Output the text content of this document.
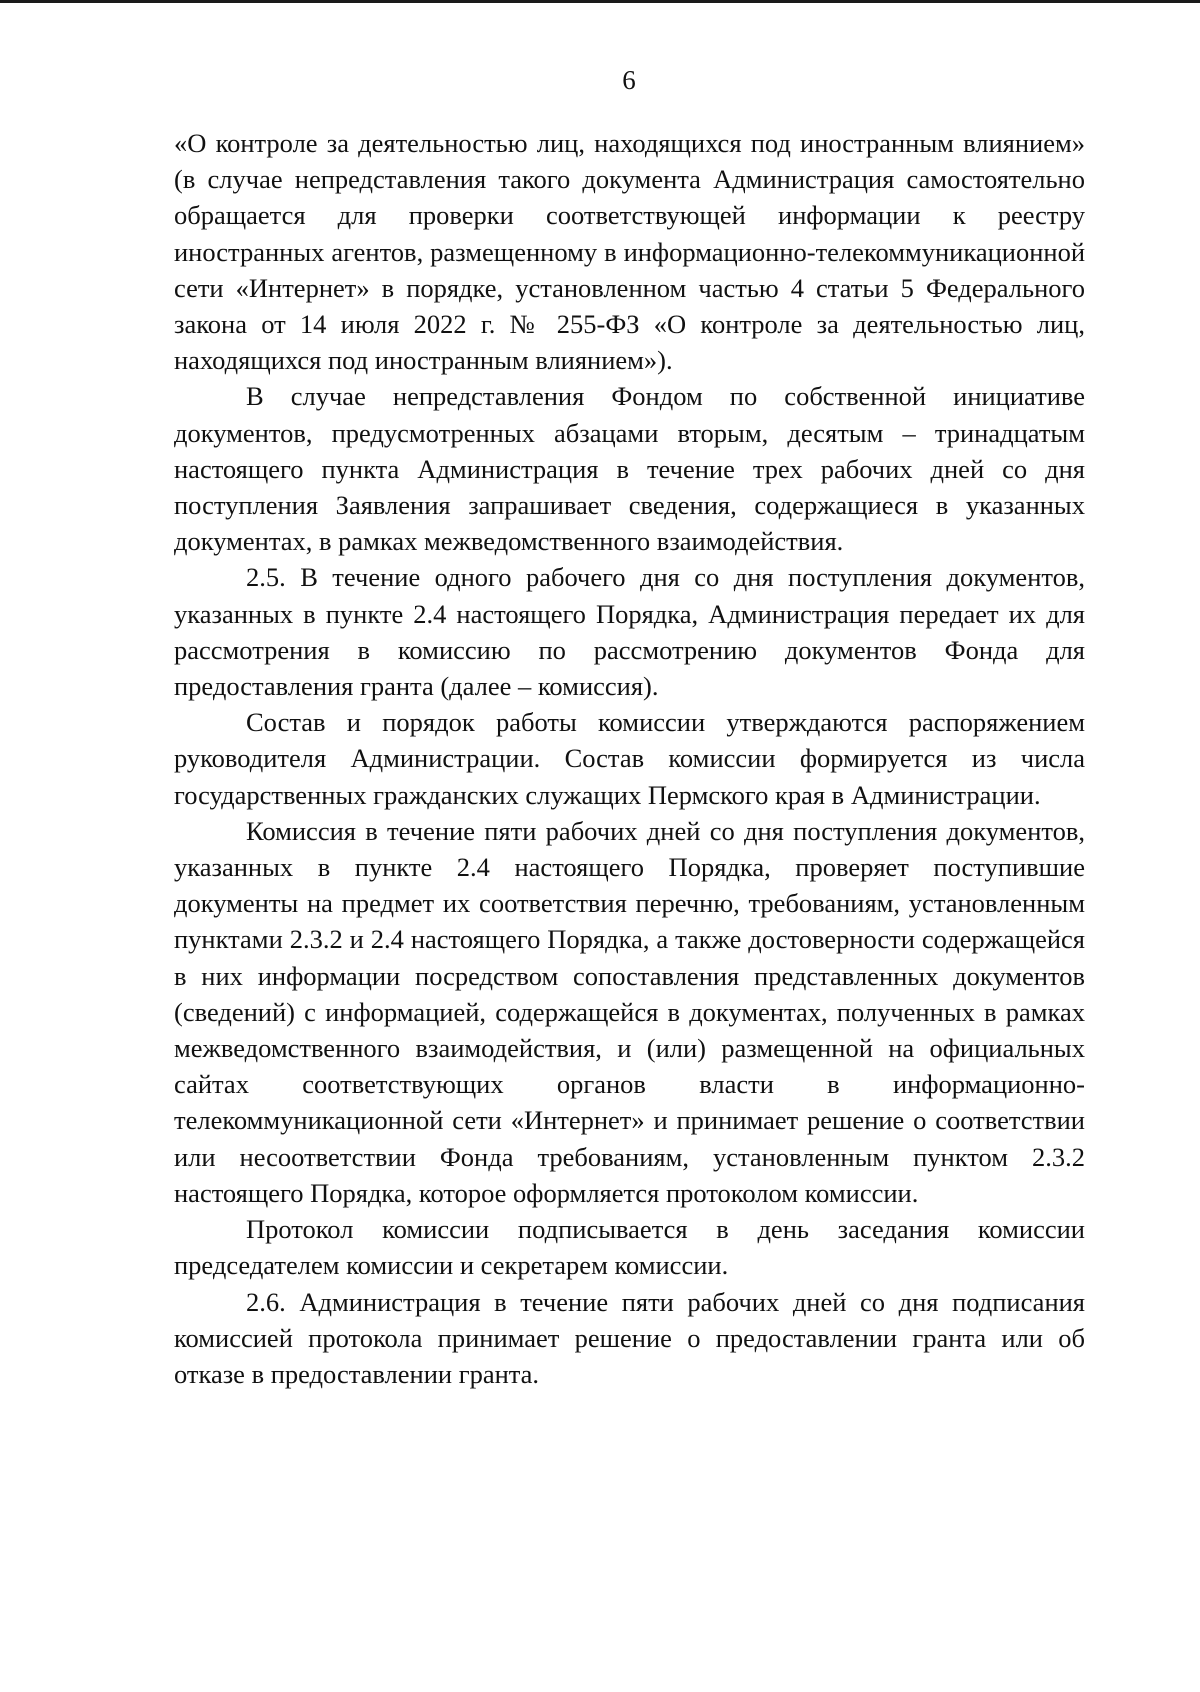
6

«О контроле за деятельностью лиц, находящихся под иностранным влиянием» (в случае непредставления такого документа Администрация самостоятельно обращается для проверки соответствующей информации к реестру иностранных агентов, размещенному в информационно-телекоммуникационной сети «Интернет» в порядке, установленном частью 4 статьи 5 Федерального закона от 14 июля 2022 г. № 255-ФЗ «О контроле за деятельностью лиц, находящихся под иностранным влиянием»).

В случае непредставления Фондом по собственной инициативе документов, предусмотренных абзацами вторым, десятым – тринадцатым настоящего пункта Администрация в течение трех рабочих дней со дня поступления Заявления запрашивает сведения, содержащиеся в указанных документах, в рамках межведомственного взаимодействия.

2.5. В течение одного рабочего дня со дня поступления документов, указанных в пункте 2.4 настоящего Порядка, Администрация передает их для рассмотрения в комиссию по рассмотрению документов Фонда для предоставления гранта (далее – комиссия).

Состав и порядок работы комиссии утверждаются распоряжением руководителя Администрации. Состав комиссии формируется из числа государственных гражданских служащих Пермского края в Администрации.

Комиссия в течение пяти рабочих дней со дня поступления документов, указанных в пункте 2.4 настоящего Порядка, проверяет поступившие документы на предмет их соответствия перечню, требованиям, установленным пунктами 2.3.2 и 2.4 настоящего Порядка, а также достоверности содержащейся в них информации посредством сопоставления представленных документов (сведений) с информацией, содержащейся в документах, полученных в рамках межведомственного взаимодействия, и (или) размещенной на официальных сайтах соответствующих органов власти в информационно-телекоммуникационной сети «Интернет» и принимает решение о соответствии или несоответствии Фонда требованиям, установленным пунктом 2.3.2 настоящего Порядка, которое оформляется протоколом комиссии.

Протокол комиссии подписывается в день заседания комиссии председателем комиссии и секретарем комиссии.

2.6. Администрация в течение пяти рабочих дней со дня подписания комиссией протокола принимает решение о предоставлении гранта или об отказе в предоставлении гранта.
